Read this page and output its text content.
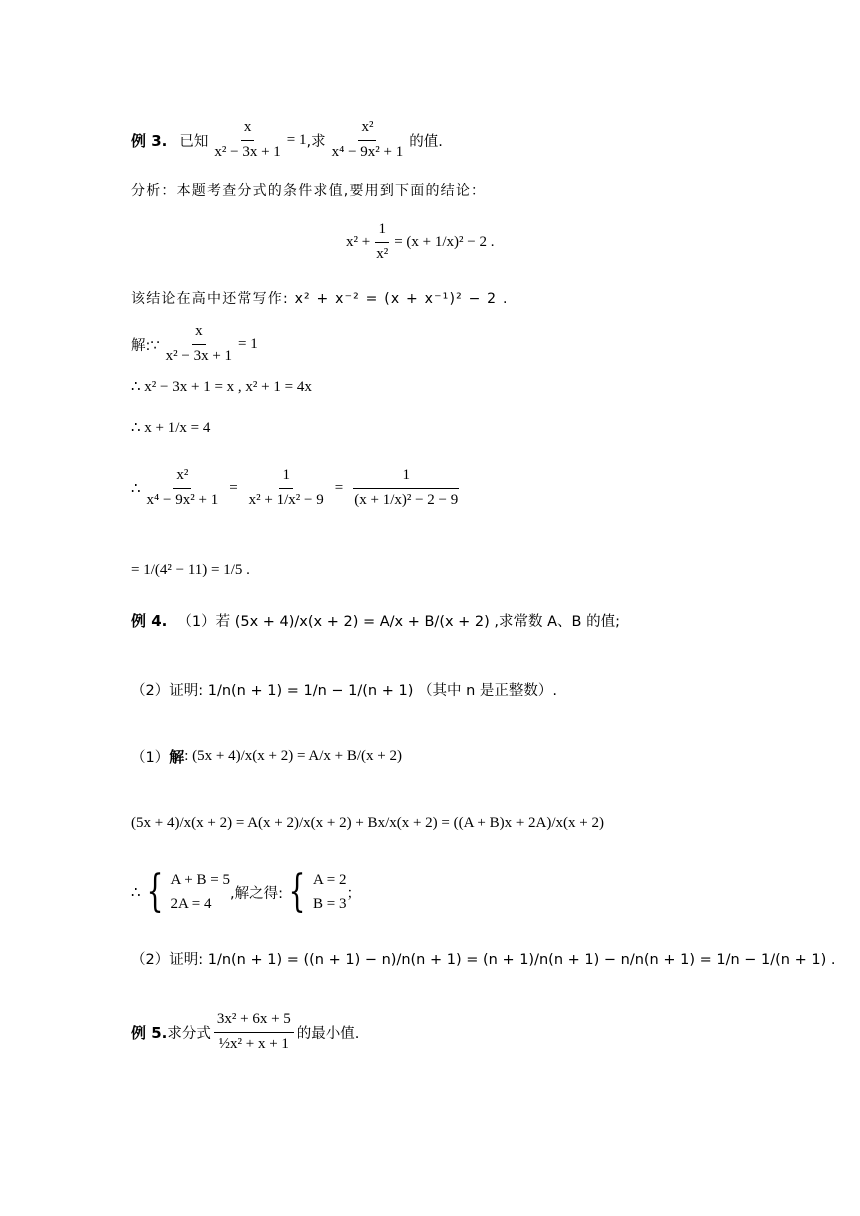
例 3. 已知 $\frac{x}{\text{x² − 3x + 1}} = 1$ ,求 $\frac{\text{x²}}{\text{x⁴ − 9x² + 1}}$ 的值.
分析：本题考查分式的条件求值,要用到下面的结论：
$x^2 + \frac{1}{\text{x²}} = (x + 1/x)^2 - 2$ .
该结论在高中还常写作: x² + x⁻² = (x + x⁻¹)² − 2 .
解:∵ $\frac{x}{\text{x² − 3x + 1}} = 1$
∴ x² − 3x + 1 = x , x² + 1 = 4x
∴ x + 1/x = 4
∴ $\frac{\text{x²}}{\text{x⁴ − 9x² + 1}} = \frac{1}{\text{x² + 1/x² − 9}} = \frac{1}{\text{(x + 1/x)² − 2 − 9}}$
= 1/(4² − 11) = 1/5 .
例 4. （1）若 (5x + 4)/x(x + 2) = A/x + B/(x + 2) ,求常数 A、B 的值;
（2）证明: 1/n(n + 1) = 1/n − 1/(n + 1) （其中 n 是正整数）.
（1） 解 : (5x + 4)/x(x + 2) = A/x + B/(x + 2)
(5x + 4)/x(x + 2) = A(x + 2)/x(x + 2) + Bx/x(x + 2) = ((A + B)x + 2A)/x(x + 2)
∴ { A + B = 5
2A = 4
,解之得: { A = 2
B = 3
；
（2）证明: 1/n(n + 1) = ((n + 1) − n)/n(n + 1) = (n + 1)/n(n + 1) − n/n(n + 1) = 1/n − 1/(n + 1) .
例 5. 求分式 $\frac{\text{3x² + 6x + 5}}{\text{½x² + x + 1}}$ 的最小值.
